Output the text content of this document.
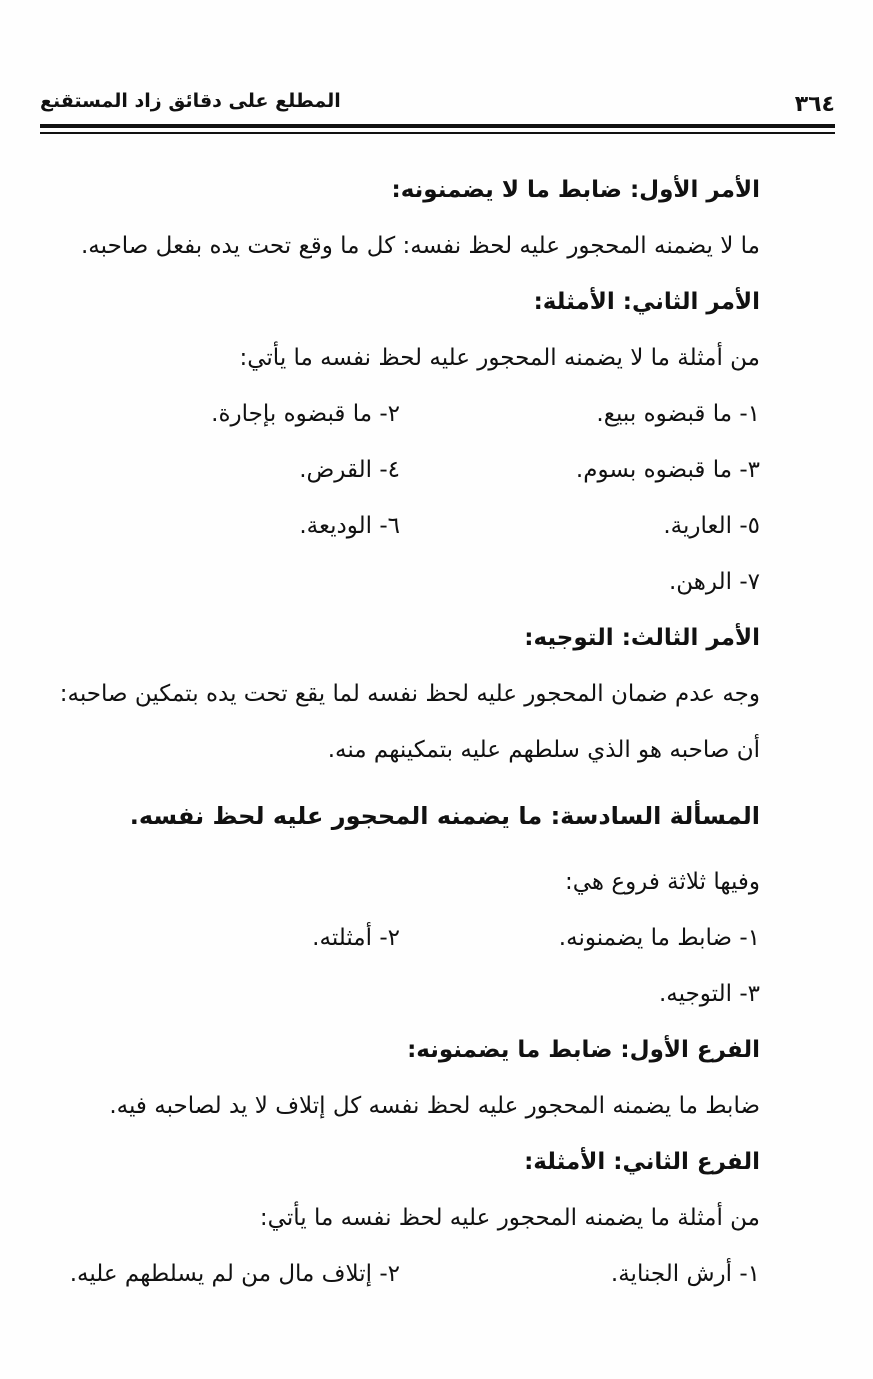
٣٦٤
المطلع على دقائق زاد المستقنع
الأمر الأول: ضابط ما لا يضمنونه:
ما لا يضمنه المحجور عليه لحظ نفسه: كل ما وقع تحت يده بفعل صاحبه.
الأمر الثاني: الأمثلة:
من أمثلة ما لا يضمنه المحجور عليه لحظ نفسه ما يأتي:
١- ما قبضوه ببيع.
٢- ما قبضوه بإجارة.
٣- ما قبضوه بسوم.
٤- القرض.
٥- العارية.
٦- الوديعة.
٧- الرهن.
الأمر الثالث: التوجيه:
وجه عدم ضمان المحجور عليه لحظ نفسه لما يقع تحت يده بتمكين صاحبه:
أن صاحبه هو الذي سلطهم عليه بتمكينهم منه.
المسألة السادسة: ما يضمنه المحجور عليه لحظ نفسه.
وفيها ثلاثة فروع هي:
١- ضابط ما يضمنونه.
٢- أمثلته.
٣- التوجيه.
الفرع الأول: ضابط ما يضمنونه:
ضابط ما يضمنه المحجور عليه لحظ نفسه كل إتلاف لا يد لصاحبه فيه.
الفرع الثاني: الأمثلة:
من أمثلة ما يضمنه المحجور عليه لحظ نفسه ما يأتي:
١- أرش الجناية.
٢- إتلاف مال من لم يسلطهم عليه.
